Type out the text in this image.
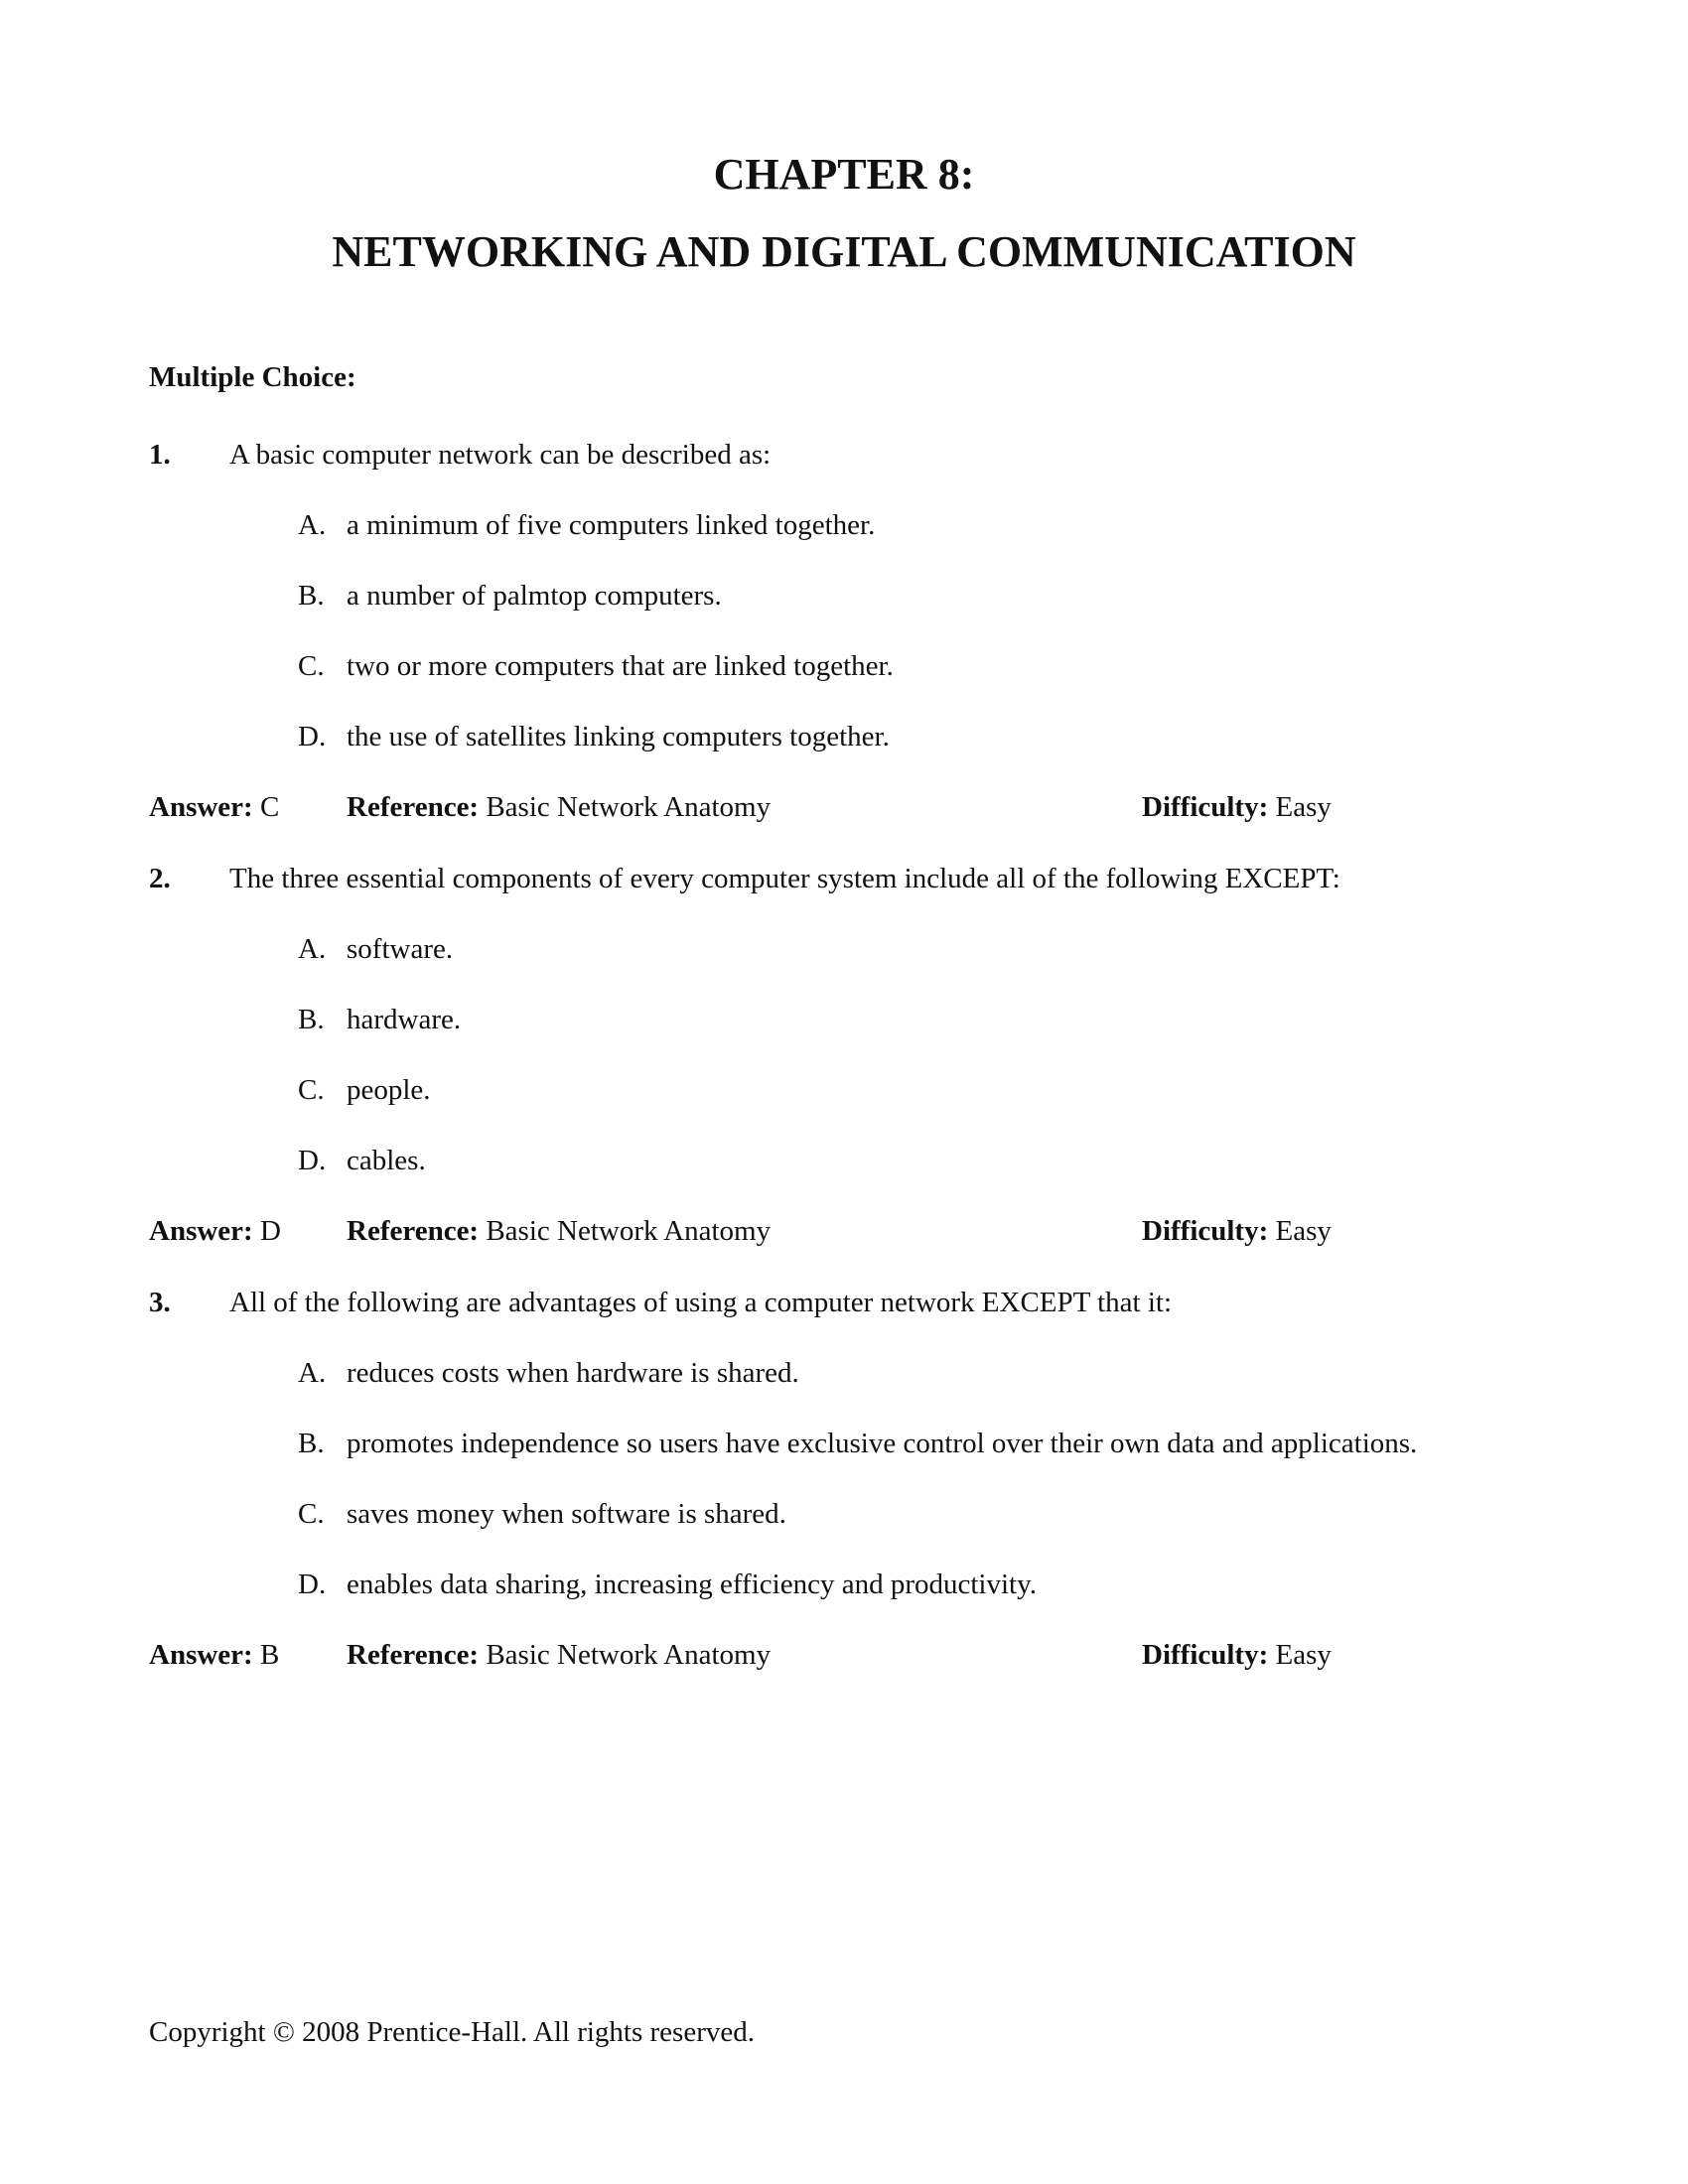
CHAPTER 8:
NETWORKING AND DIGITAL COMMUNICATION
Multiple Choice:
1. A basic computer network can be described as:
A. a minimum of five computers linked together.
B. a number of palmtop computers.
C. two or more computers that are linked together.
D. the use of satellites linking computers together.
Answer: C Reference: Basic Network Anatomy	Difficulty: Easy
2. The three essential components of every computer system include all of the following EXCEPT:
A. software.
B. hardware.
C. people.
D. cables.
Answer: D Reference: Basic Network Anatomy	Difficulty: Easy
3. All of the following are advantages of using a computer network EXCEPT that it:
A. reduces costs when hardware is shared.
B. promotes independence so users have exclusive control over their own data and applications.
C. saves money when software is shared.
D. enables data sharing, increasing efficiency and productivity.
Answer: B Reference: Basic Network Anatomy	Difficulty: Easy
Copyright © 2008 Prentice-Hall. All rights reserved.
